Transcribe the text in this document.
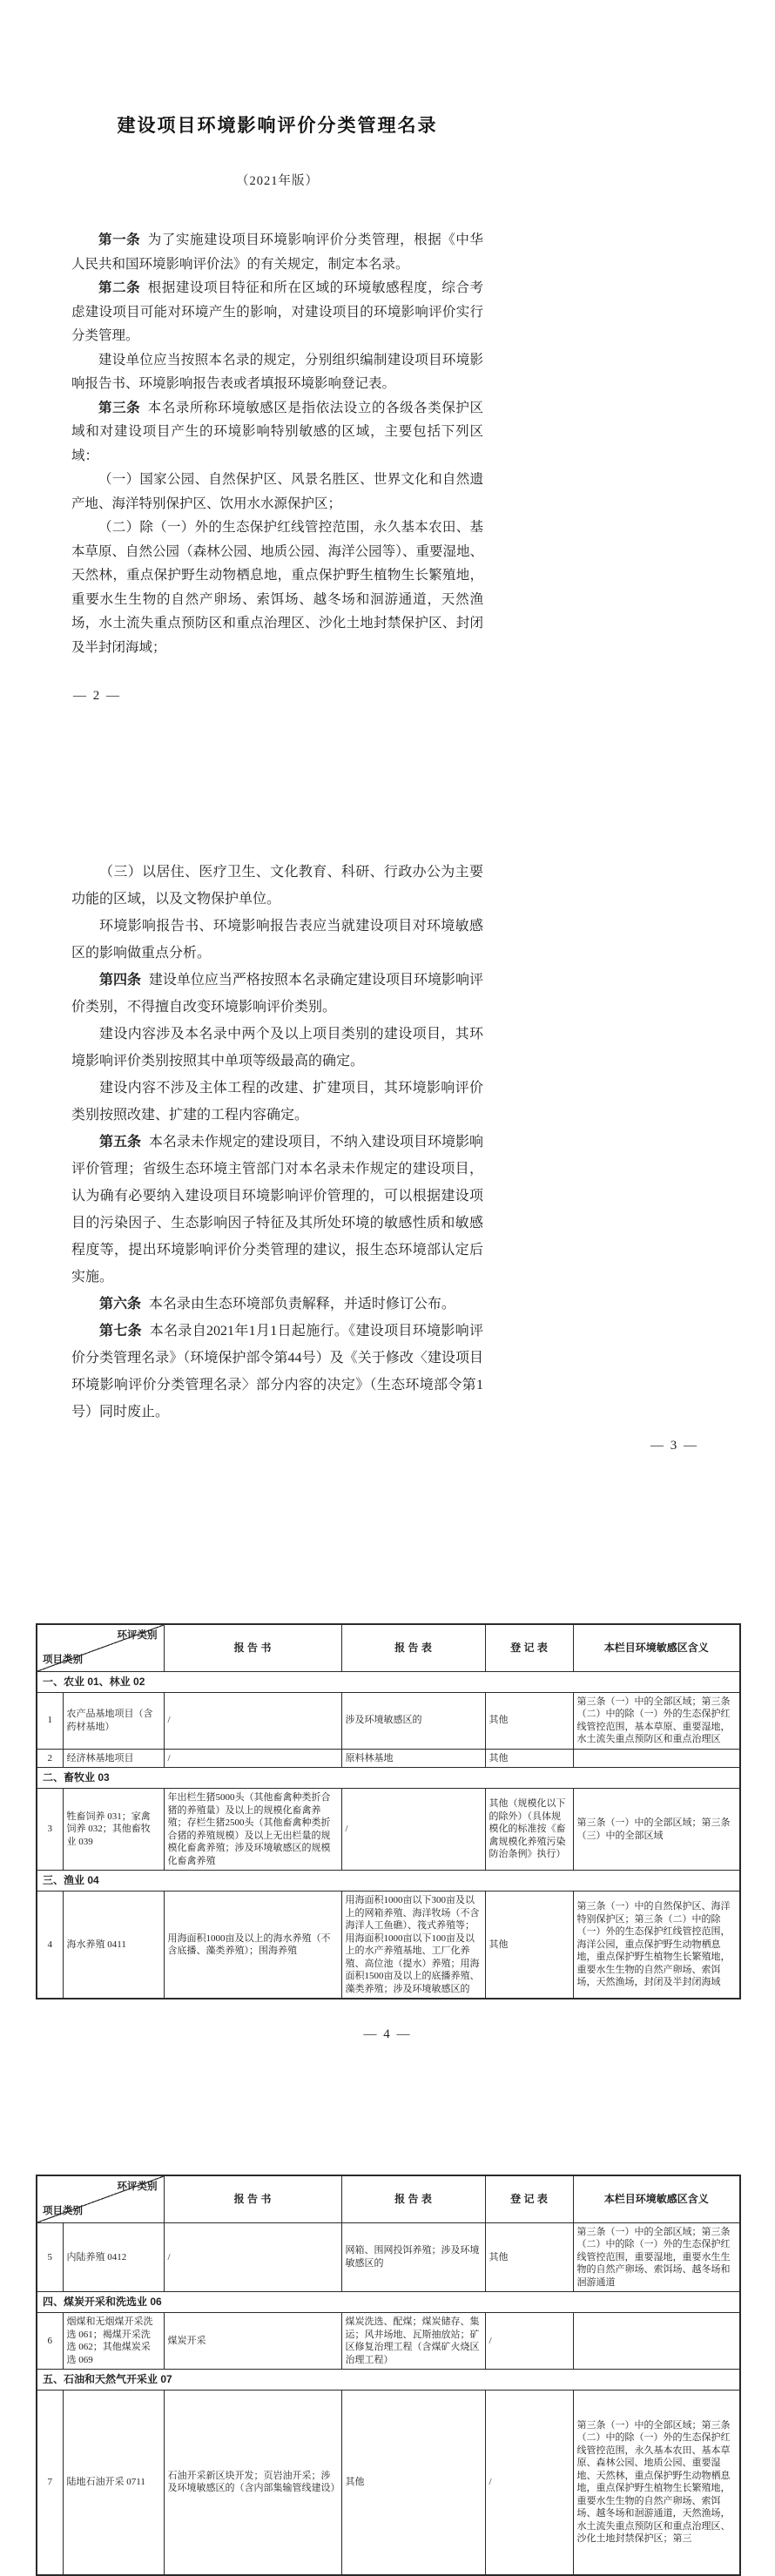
建设项目环境影响评价分类管理名录
（2021年版）

第一条 为了实施建设项目环境影响评价分类管理，根据《中华人民共和国环境影响评价法》的有关规定，制定本名录。

第二条 根据建设项目特征和所在区域的环境敏感程度，综合考虑建设项目可能对环境产生的影响，对建设项目的环境影响评价实行分类管理。

建设单位应当按照本名录的规定，分别组织编制建设项目环境影响报告书、环境影响报告表或者填报环境影响登记表。

第三条 本名录所称环境敏感区是指依法设立的各级各类保护区域和对建设项目产生的环境影响特别敏感的区域，主要包括下列区域：

（一）国家公园、自然保护区、风景名胜区、世界文化和自然遗产地、海洋特别保护区、饮用水水源保护区；

（二）除（一）外的生态保护红线管控范围，永久基本农田、基本草原、自然公园（森林公园、地质公园、海洋公园等）、重要湿地、天然林，重点保护野生动物栖息地，重点保护野生植物生长繁殖地，重要水生生物的自然产卵场、索饵场、越冬场和洄游通道，天然渔场，水土流失重点预防区和重点治理区、沙化土地封禁保护区、封闭及半封闭海域；

— 2 —

（三）以居住、医疗卫生、文化教育、科研、行政办公为主要功能的区域，以及文物保护单位。

环境影响报告书、环境影响报告表应当就建设项目对环境敏感区的影响做重点分析。

第四条 建设单位应当严格按照本名录确定建设项目环境影响评价类别，不得擅自改变环境影响评价类别。

建设内容涉及本名录中两个及以上项目类别的建设项目，其环境影响评价类别按照其中单项等级最高的确定。

建设内容不涉及主体工程的改建、扩建项目，其环境影响评价类别按照改建、扩建的工程内容确定。

第五条 本名录未作规定的建设项目，不纳入建设项目环境影响评价管理；省级生态环境主管部门对本名录未作规定的建设项目，认为确有必要纳入建设项目环境影响评价管理的，可以根据建设项目的污染因子、生态影响因子特征及其所处环境的敏感性质和敏感程度等，提出环境影响评价分类管理的建议，报生态环境部认定后实施。

第六条 本名录由生态环境部负责解释，并适时修订公布。

第七条 本名录自2021年1月1日起施行。《建设项目环境影响评价分类管理名录》（环境保护部令第44号）及《关于修改〈建设项目环境影响评价分类管理名录〉部分内容的决定》（生态环境部令第1号）同时废止。

— 3 —
环评类别
项目类别		报 告 书	报 告 表	登 记 表	本栏目环境敏感区含义
一、农业 01、林业 02					
1	农产品基地项目（含药材基地）	/	涉及环境敏感区的	其他	第三条（一）中的全部区域；第三条（二）中的除（一）外的生态保护红线管控范围，基本草原、重要湿地，水土流失重点预防区和重点治理区
2	经济林基地项目	/	原料林基地	其他	
二、畜牧业 03					
3	牲畜饲养 031；家禽饲养 032；其他畜牧业 039	年出栏生猪5000头（其他畜禽种类折合猪的养殖量）及以上的规模化畜禽养殖；存栏生猪2500头（其他畜禽种类折合猪的养殖规模）及以上无出栏量的规模化畜禽养殖；涉及环境敏感区的规模化畜禽养殖	/	其他（规模化以下的除外）（具体规模化的标准按《畜禽规模化养殖污染防治条例》执行）	第三条（一）中的全部区域；第三条（三）中的全部区域
三、渔业 04					
4	海水养殖 0411	用海面积1000亩及以上的海水养殖（不含底播、藻类养殖）；围海养殖	用海面积1000亩以下300亩及以上的网箱养殖、海洋牧场（不含海洋人工鱼礁）、筏式养殖等；用海面积1000亩以下100亩及以上的水产养殖基地、工厂化养殖、高位池（提水）养殖；用海面积1500亩及以上的底播养殖、藻类养殖；涉及环境敏感区的	其他	第三条（一）中的自然保护区、海洋特别保护区；第三条（二）中的除（一）外的生态保护红线管控范围，海洋公园，重点保护野生动物栖息地，重点保护野生植物生长繁殖地，重要水生生物的自然产卵场、索饵场，天然渔场，封闭及半封闭海域
— 4 —
环评类别
项目类别		报 告 书	报 告 表	登 记 表	本栏目环境敏感区含义
5	内陆养殖 0412	/	网箱、围网投饵养殖；涉及环境敏感区的	其他	第三条（一）中的全部区域；第三条（二）中的除（一）外的生态保护红线管控范围，重要湿地，重要水生生物的自然产卵场、索饵场、越冬场和洄游通道
四、煤炭开采和洗选业 06					
6	烟煤和无烟煤开采洗选 061；褐煤开采洗选 062；其他煤炭采选 069	煤炭开采	煤炭洗选、配煤；煤炭储存、集运；风井场地、瓦斯抽放站；矿区修复治理工程（含煤矿火烧区治理工程）	/	
五、石油和天然气开采业 07					
7	陆地石油开采 0711	石油开采新区块开发；页岩油开采；涉及环境敏感区的（含内部集输管线建设）	其他	/	第三条（一）中的全部区域；第三条（二）中的除（一）外的生态保护红线管控范围，永久基本农田、基本草原、森林公园、地质公园、重要湿地、天然林，重点保护野生动物栖息地，重点保护野生植物生长繁殖地，重要水生生物的自然产卵场、索饵场、越冬场和洄游通道，天然渔场，水土流失重点预防区和重点治理区、沙化土地封禁保护区；第三
